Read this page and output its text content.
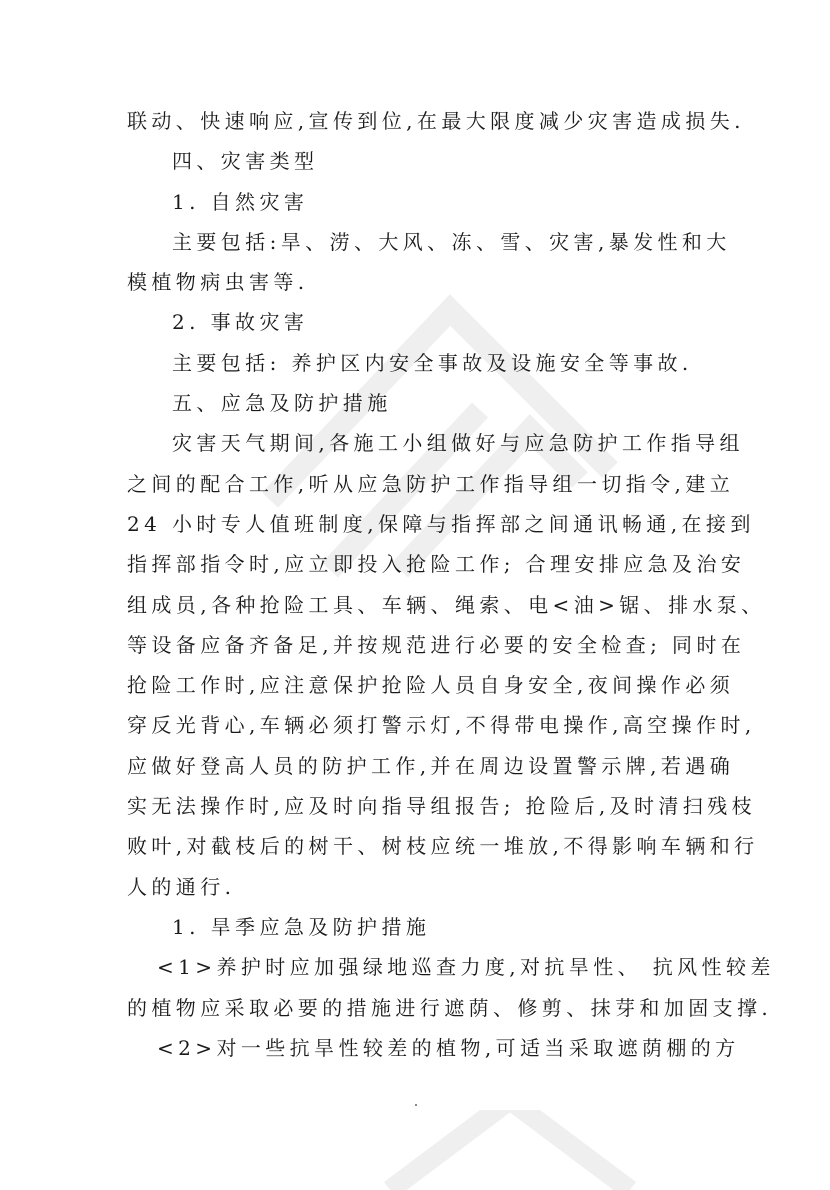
联动、快速响应,宣传到位,在最大限度减少灾害造成损失.
四、灾害类型
1. 自然灾害
主要包括:旱、涝、大风、冻、雪、灾害,暴发性和大
模植物病虫害等.
2. 事故灾害
主要包括: 养护区内安全事故及设施安全等事故.
五、应急及防护措施
灾害天气期间,各施工小组做好与应急防护工作指导组
之间的配合工作,听从应急防护工作指导组一切指令,建立
24 小时专人值班制度,保障与指挥部之间通讯畅通,在接到
指挥部指令时,应立即投入抢险工作; 合理安排应急及治安
组成员,各种抢险工具、车辆、绳索、电<油>锯、排水泵、
等设备应备齐备足,并按规范进行必要的安全检查; 同时在
抢险工作时,应注意保护抢险人员自身安全,夜间操作必须
穿反光背心,车辆必须打警示灯,不得带电操作,高空操作时,
应做好登高人员的防护工作,并在周边设置警示牌,若遇确
实无法操作时,应及时向指导组报告; 抢险后,及时清扫残枝
败叶,对截枝后的树干、树枝应统一堆放,不得影响车辆和行
人的通行.
1. 旱季应急及防护措施
<1>养护时应加强绿地巡查力度,对抗旱性、 抗风性较差
的植物应采取必要的措施进行遮荫、修剪、抹芽和加固支撑.
<2>对一些抗旱性较差的植物,可适当采取遮荫棚的方
